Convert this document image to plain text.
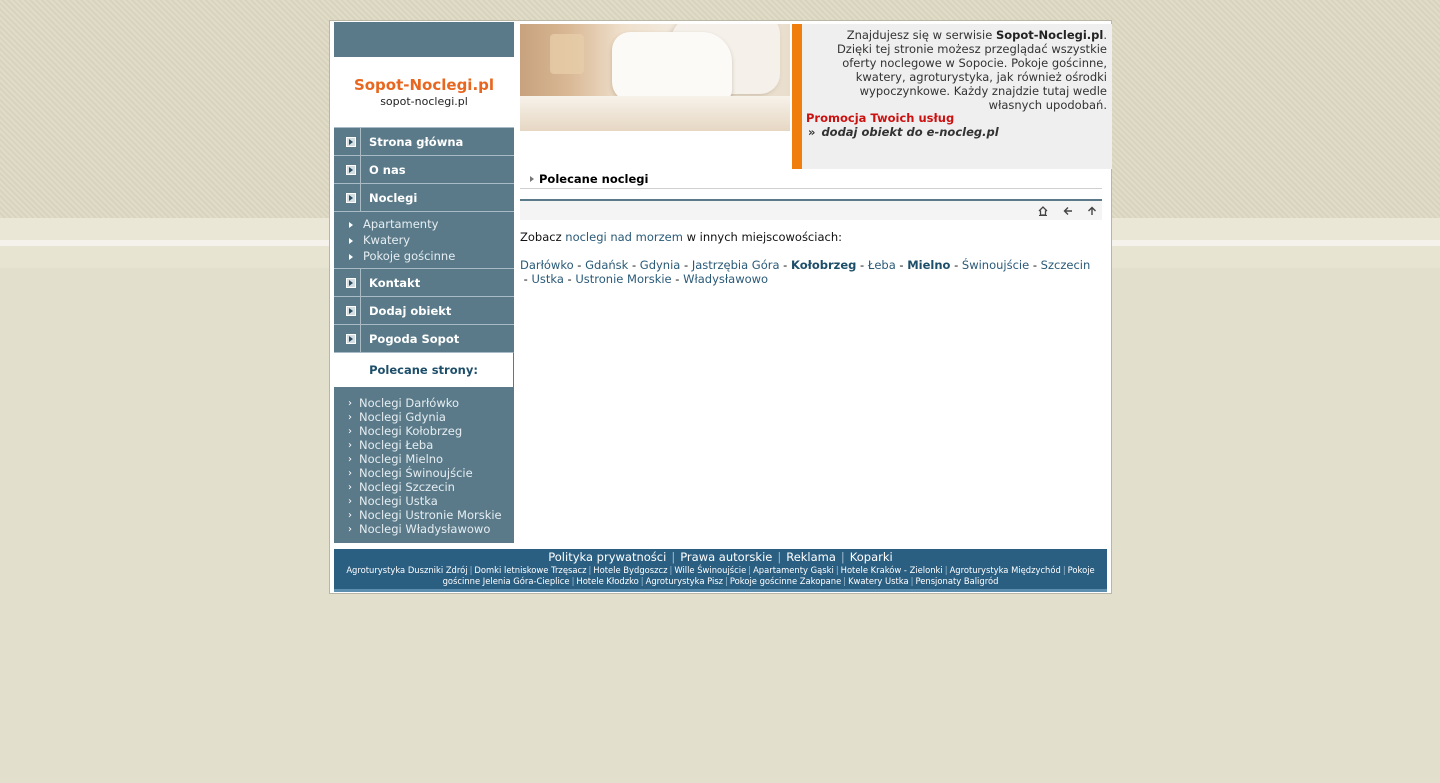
Sopot-Noclegi.pl
sopot-noclegi.pl
Strona główna
O nas
Noclegi
Apartamenty
Kwatery
Pokoje gościnne
Kontakt
Dodaj obiekt
Pogoda Sopot
Polecane strony:
› Noclegi Darłówko
› Noclegi Gdynia
› Noclegi Kołobrzeg
› Noclegi Łeba
› Noclegi Mielno
› Noclegi Świnoujście
› Noclegi Szczecin
› Noclegi Ustka
› Noclegi Ustronie Morskie
› Noclegi Władysławowo
Znajdujesz się w serwisie Sopot-Noclegi.pl. Dzięki tej stronie możesz przeglądać wszystkie oferty noclegowe w Sopocie. Pokoje gościnne, kwatery, agroturystyka, jak również ośrodki wypoczynkowe. Każdy znajdzie tutaj wedle własnych upodobań.
Promocja Twoich usług
» dodaj obiekt do e-nocleg.pl
Polecane noclegi
Zobacz noclegi nad morzem w innych miejscowościach:
Darłówko - Gdańsk - Gdynia - Jastrzębia Góra - Kołobrzeg - Łeba - Mielno - Świnoujście - Szczecin - Ustka - Ustronie Morskie - Władysławowo
Polityka prywatności | Prawa autorskie | Reklama | Koparki
Agroturystyka Duszniki Zdrój | Domki letniskowe Trzęsacz | Hotele Bydgoszcz | Wille Świnoujście | Apartamenty Gąski | Hotele Kraków - Zielonki | Agroturystyka Międzychód | Pokoje gościnne Jelenia Góra-Cieplice | Hotele Kłodzko | Agroturystyka Pisz | Pokoje gościnne Zakopane | Kwatery Ustka | Pensjonaty Baligród
